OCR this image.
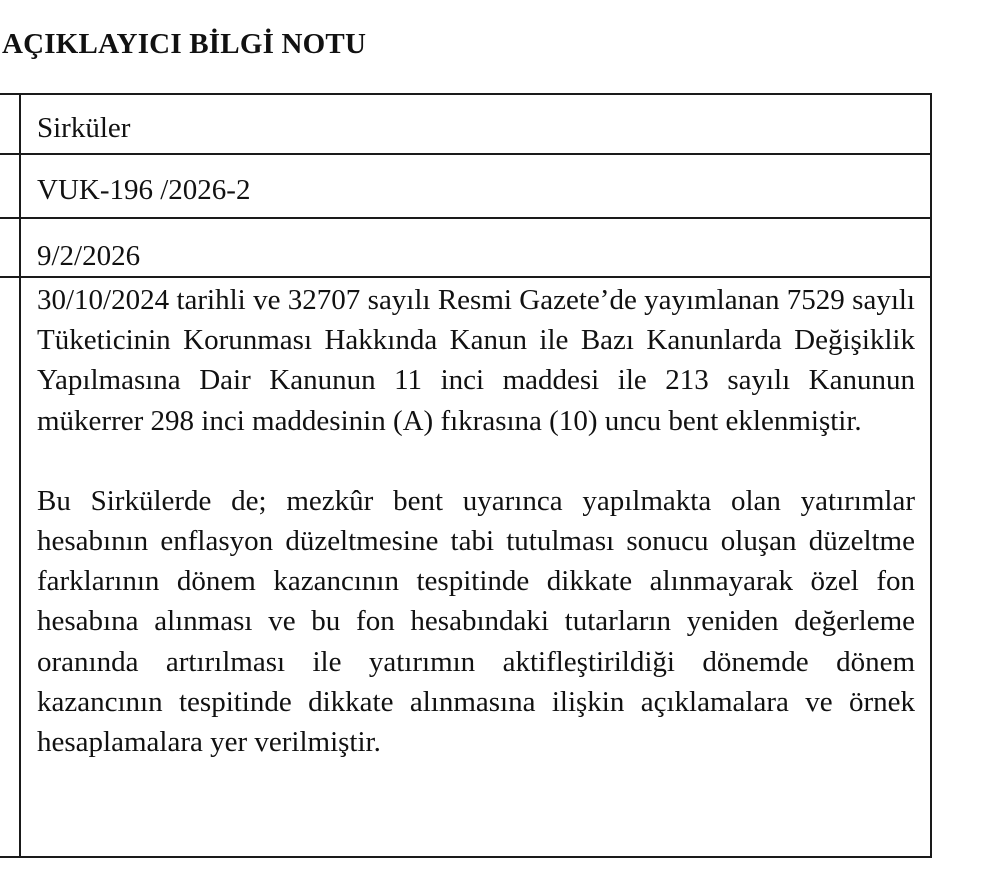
AÇIKLAYICI BİLGİ NOTU
	Sirküler
	VUK-196 /2026-2
	9/2/2026

	30/10/2024 tarihli ve 32707 sayılı Resmi Gazete’de yayımlanan 7529 sayılı Tüketicinin Korunması Hakkında Kanun ile Bazı Kanunlarda Değişiklik Yapılmasına Dair Kanunun 11 inci maddesi ile 213 sayılı Kanunun mükerrer 298 inci maddesinin (A) fıkrasına (10) uncu bent eklenmiştir.

Bu Sirkülerde de; mezkûr bent uyarınca yapılmakta olan yatırımlar hesabının enflasyon düzeltmesine tabi tutulması sonucu oluşan düzeltme farklarının dönem kazancının tespitinde dikkate alınmayarak özel fon hesabına alınması ve bu fon hesabındaki tutarların yeniden değerleme oranında artırılması ile yatırımın aktifleştirildiği dönemde dönem kazancının tespitinde dikkate alınmasına ilişkin açıklamalara ve örnek hesaplamalara yer verilmiştir.
